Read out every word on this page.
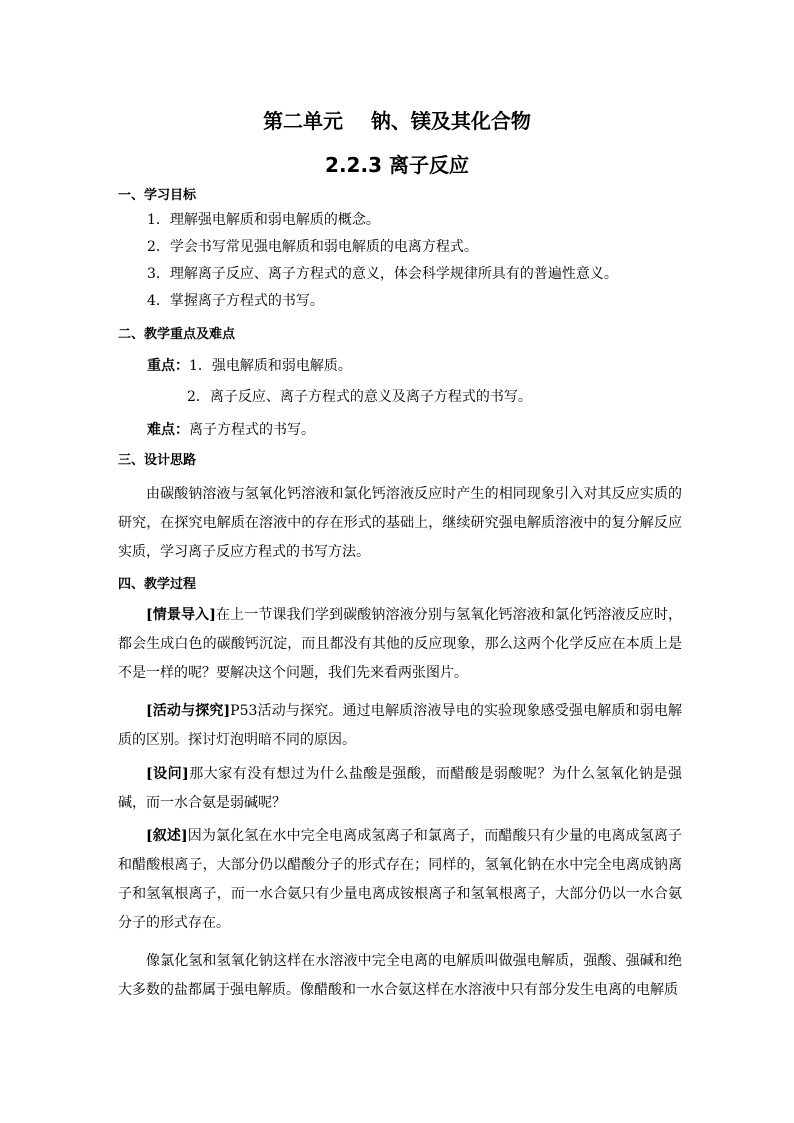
第二单元    钠、镁及其化合物
2.2.3 离子反应
一、学习目标
1．理解强电解质和弱电解质的概念。
2．学会书写常见强电解质和弱电解质的电离方程式。
3．理解离子反应、离子方程式的意义，体会科学规律所具有的普遍性意义。
4．掌握离子方程式的书写。
二、教学重点及难点
重点：1．强电解质和弱电解质。
2．离子反应、离子方程式的意义及离子方程式的书写。
难点：离子方程式的书写。
三、设计思路

由碳酸钠溶液与氢氧化钙溶液和氯化钙溶液反应时产生的相同现象引入对其反应实质的研究，在探究电解质在溶液中的存在形式的基础上，继续研究强电解质溶液中的复分解反应实质，学习离子反应方程式的书写方法。

四、教学过程

[情景导入]在上一节课我们学到碳酸钠溶液分别与氢氧化钙溶液和氯化钙溶液反应时，都会生成白色的碳酸钙沉淀，而且都没有其他的反应现象，那么这两个化学反应在本质上是不是一样的呢？要解决这个问题，我们先来看两张图片。

[活动与探究]P53活动与探究。通过电解质溶液导电的实验现象感受强电解质和弱电解质的区别。探讨灯泡明暗不同的原因。

[设问]那大家有没有想过为什么盐酸是强酸，而醋酸是弱酸呢？为什么氢氧化钠是强碱，而一水合氨是弱碱呢？

[叙述]因为氯化氢在水中完全电离成氢离子和氯离子，而醋酸只有少量的电离成氢离子和醋酸根离子，大部分仍以醋酸分子的形式存在；同样的，氢氧化钠在水中完全电离成钠离子和氢氧根离子，而一水合氨只有少量电离成铵根离子和氢氧根离子，大部分仍以一水合氨分子的形式存在。

像氯化氢和氢氧化钠这样在水溶液中完全电离的电解质叫做强电解质，强酸、强碱和绝大多数的盐都属于强电解质。像醋酸和一水合氨这样在水溶液中只有部分发生电离的电解质
